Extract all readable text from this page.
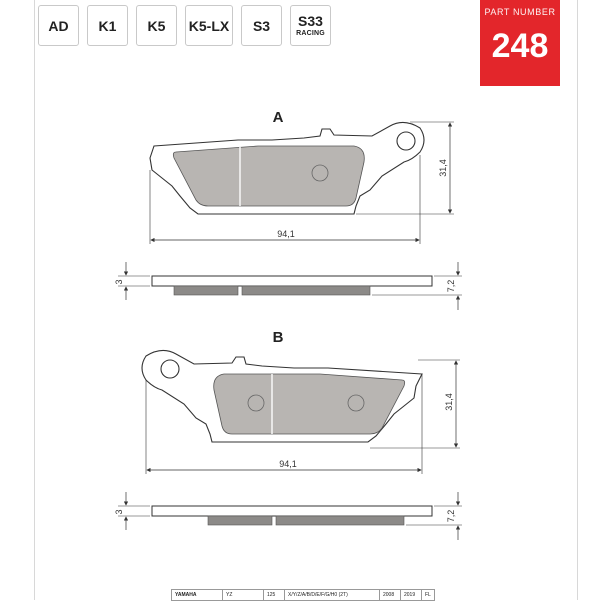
AD K1 K5 K5-LX S3 S33
RACING
PART NUMBER
248
A
94,1
31,4
3	7,2
B
94,1
31,4
3	7,2
YAMAHA	YZ	125	X/Y/Z/A/B/D/E/F/G/H0 (2T)	2008	2019	FL
